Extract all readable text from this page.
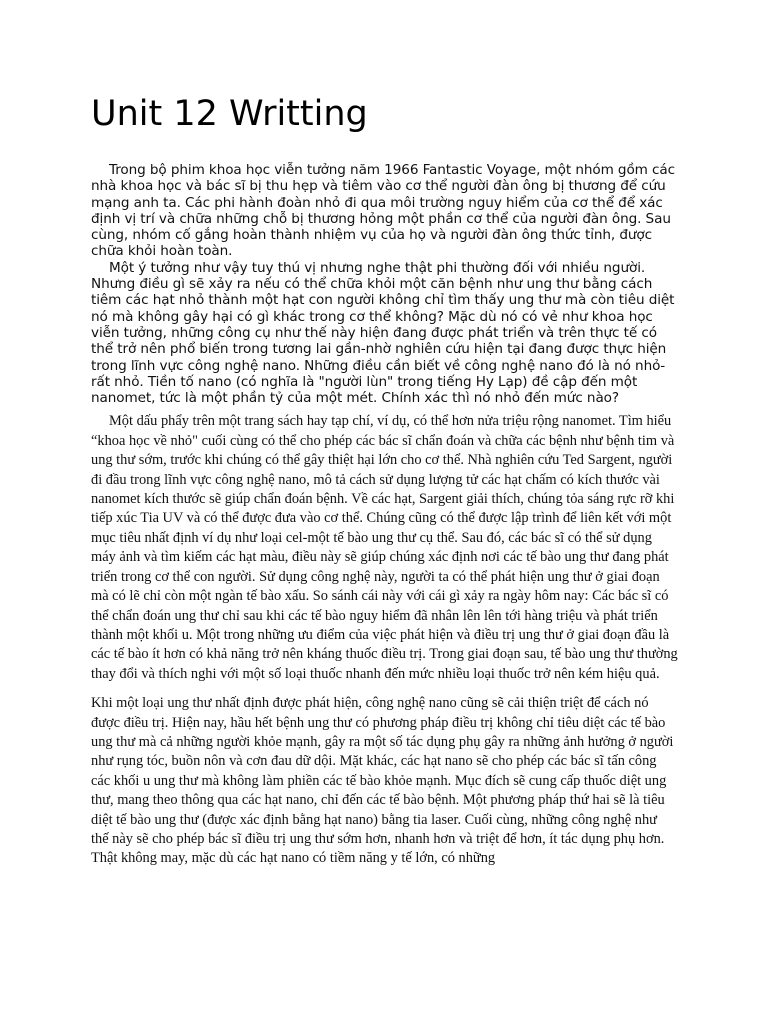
Unit 12 Writting

Trong bộ phim khoa học viễn tưởng năm 1966 Fantastic Voyage, một nhóm gồm các nhà khoa học và bác sĩ bị thu hẹp và tiêm vào cơ thể người đàn ông bị thương để cứu mạng anh ta. Các phi hành đoàn nhỏ đi qua môi trường nguy hiểm của cơ thể để xác định vị trí và chữa những chỗ bị thương hỏng một phần cơ thể của người đàn ông. Sau cùng, nhóm cố gắng hoàn thành nhiệm vụ của họ và người đàn ông thức tỉnh, được chữa khỏi hoàn toàn.

Một ý tưởng như vậy tuy thú vị nhưng nghe thật phi thường đối với nhiều người. Nhưng điều gì sẽ xảy ra nếu có thể chữa khỏi một căn bệnh như ung thư bằng cách tiêm các hạt nhỏ thành một hạt con người không chỉ tìm thấy ung thư mà còn tiêu diệt nó mà không gây hại có gì khác trong cơ thể không? Mặc dù nó có vẻ như khoa học viễn tưởng, những công cụ như thế này hiện đang được phát triển và trên thực tế có thể trở nên phổ biến trong tương lai gần-nhờ nghiên cứu hiện tại đang được thực hiện trong lĩnh vực công nghệ nano. Những điều cần biết về công nghệ nano đó là nó nhỏ-rất nhỏ. Tiền tố nano (có nghĩa là "người lùn" trong tiếng Hy Lạp) đề cập đến một nanomet, tức là một phần tỷ của một mét. Chính xác thì nó nhỏ đến mức nào?

Một dấu phẩy trên một trang sách hay tạp chí, ví dụ, có thể hơn nửa triệu rộng nanomet. Tìm hiểu “khoa học về nhỏ" cuối cùng có thể cho phép các bác sĩ chẩn đoán và chữa các bệnh như bệnh tim và ung thư sớm, trước khi chúng có thể gây thiệt hại lớn cho cơ thể. Nhà nghiên cứu Ted Sargent, người đi đầu trong lĩnh vực công nghệ nano, mô tả cách sử dụng lượng tử các hạt chấm có kích thước vài nanomet kích thước sẽ giúp chẩn đoán bệnh. Về các hạt, Sargent giải thích, chúng tỏa sáng rực rỡ khi tiếp xúc Tia UV và có thể được đưa vào cơ thể. Chúng cũng có thể được lập trình để liên kết với một mục tiêu nhất định ví dụ như loại cel-một tế bào ung thư cụ thể. Sau đó, các bác sĩ có thể sử dụng máy ảnh và tìm kiếm các hạt màu, điều này sẽ giúp chúng xác định nơi các tế bào ung thư đang phát triển trong cơ thể con người. Sử dụng công nghệ này, người ta có thể phát hiện ung thư ở giai đoạn mà có lẽ chỉ còn một ngàn tế bào xấu. So sánh cái này với cái gì xảy ra ngày hôm nay: Các bác sĩ có thể chẩn đoán ung thư chỉ sau khi các tế bào nguy hiểm đã nhân lên lên tới hàng triệu và phát triển thành một khối u. Một trong những ưu điểm của việc phát hiện và điều trị ung thư ở giai đoạn đầu là các tế bào ít hơn có khả năng trở nên kháng thuốc điều trị. Trong giai đoạn sau, tế bào ung thư thường thay đổi và thích nghi với một số loại thuốc nhanh đến mức nhiều loại thuốc trở nên kém hiệu quả.

Khi một loại ung thư nhất định được phát hiện, công nghệ nano cũng sẽ cải thiện triệt để cách nó được điều trị. Hiện nay, hầu hết bệnh ung thư có phương pháp điều trị không chỉ tiêu diệt các tế bào ung thư mà cả những người khỏe mạnh, gây ra một số tác dụng phụ gây ra những ảnh hưởng ở người như rụng tóc, buồn nôn và cơn đau dữ dội. Mặt khác, các hạt nano sẽ cho phép các bác sĩ tấn công các khối u ung thư mà không làm phiền các tế bào khỏe mạnh. Mục đích sẽ cung cấp thuốc diệt ung thư, mang theo thông qua các hạt nano, chỉ đến các tế bào bệnh. Một phương pháp thứ hai sẽ là tiêu diệt tế bào ung thư (được xác định bằng hạt nano) bằng tia laser. Cuối cùng, những công nghệ như thế này sẽ cho phép bác sĩ điều trị ung thư sớm hơn, nhanh hơn và triệt để hơn, ít tác dụng phụ hơn. Thật không may, mặc dù các hạt nano có tiềm năng y tế lớn, có những
